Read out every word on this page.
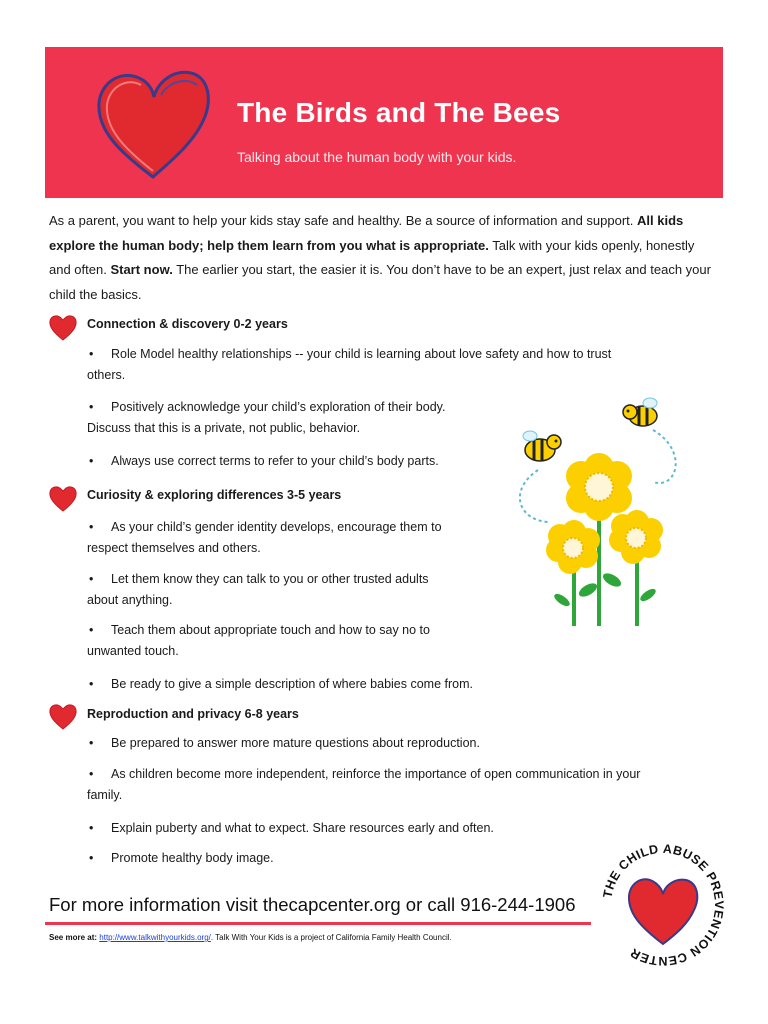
The Birds and The Bees

Talking about the human body with your kids.

As a parent, you want to help your kids stay safe and healthy. Be a source of information and support. All kids explore the human body; help them learn from you what is appropriate. Talk with your kids openly, honestly and often. Start now. The earlier you start, the easier it is. You don’t have to be an expert, just relax and teach your child the basics.

Connection & discovery 0-2 years

• Role Model healthy relationships -- your child is learning about love safety and how to trust
others.

• Positively acknowledge your child’s exploration of their body.
Discuss that this is a private, not public, behavior.

• Always use correct terms to refer to your child’s body parts.

Curiosity & exploring differences 3-5 years

• As your child’s gender identity develops, encourage them to
respect themselves and others.

• Let them know they can talk to you or other trusted adults
about anything.

• Teach them about appropriate touch and how to say no to
unwanted touch.

• Be ready to give a simple description of where babies come from.

Reproduction and privacy 6-8 years

• Be prepared to answer more mature questions about reproduction.

• As children become more independent, reinforce the importance of open communication in your
family.

• Explain puberty and what to expect. Share resources early and often.

• Promote healthy body image.

For more information visit thecapcenter.org or call 916-244-1906

See more at: http://www.talkwithyourkids.org/. Talk With Your Kids is a project of California Family Health Council.

THE CHILD ABUSE PREVENTION CENTER
